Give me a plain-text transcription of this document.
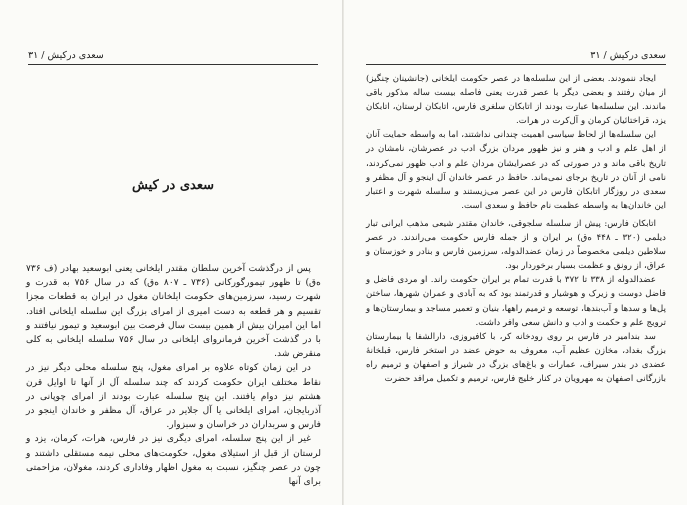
سعدی درکیش / ۳۱
سعدی در کیش

پس از درگذشت آخرین سلطان مقتدر ایلخانی یعنی ابوسعید بهادر (ف ۷۳۶ ه‌ق) تا ظهور تیمورگورکانی (۷۳۶ ـ ۸۰۷ ه‌ق) که در سال ۷۵۶ به قدرت و شهرت رسید، سرزمین‌های حکومت ایلخانان مغول در ایران به قطعات مجزا تقسیم و هر قطعه به دست امیری از امرای بزرگ این سلسله ایلخانی افتاد. اما این امیران بیش از همین بیست سال فرصت بین ابوسعید و تیمور نیافتند و با در گذشت آخرین فرمانروای ایلخانی در سال ۷۵۶ سلسله ایلخانی به کلی منقرض شد.

در این زمان کوتاه علاوه بر امرای مغول، پنج سلسله محلی دیگر نیز در نقاط مختلف ایران حکومت کردند که چند سلسله آل از آنها تا اوایل قرن هشتم نیز دوام یافتند. این پنج سلسله عبارت بودند از امرای چوپانی در آذربایجان، امرای ایلخانی یا آل جلایر در عراق، آل مظفر و خاندان اینجو در فارس و سربداران در خراسان و سبزوار.

غیر از این پنج سلسله، امرای دیگری نیز در فارس، هرات، کرمان، یزد و لرستان از قبل از استیلای مغول، حکومت‌های محلی نیمه مستقلی داشتند و چون در عصر چنگیز، نسبت به مغول اظهار وفاداری کردند، مغولان، مزاحمتی برای آنها

سعدی درکیش / ۳۱

ایجاد ننمودند. بعضی از این سلسله‌ها در عصر حکومت ایلخانی (جانشینان چنگیز) از میان رفتند و بعضی دیگر با عصر قدرت یعنی فاصله بیست ساله مذکور باقی ماندند. این سلسله‌ها عبارت بودند از اتابکان سلغری فارس، اتابکان لرستان، اتابکان یزد، قراختائیان کرمان و آل‌کرت در هرات.

این سلسله‌ها از لحاظ سیاسی اهمیت چندانی نداشتند، اما به واسطه حمایت آنان از اهل علم و ادب و هنر و نیز ظهور مردان بزرگ ادب در عصرشان، نامشان در تاریخ باقی ماند و در صورتی که در عصرایشان مردان علم و ادب ظهور نمی‌کردند، نامی از آنان در تاریخ برجای نمی‌ماند. حافظ در عصر خاندان آل اینجو و آل مظفر و سعدی در روزگار اتابکان فارس در این عصر می‌زیستند و سلسله شهرت و اعتبار این خاندان‌ها به واسطه عظمت نام حافظ و سعدی است.

اتابکان فارس: پیش از سلسله سلجوقی، خاندان مقتدر شیعی مذهب ایرانی تبار دیلمی (۳۲۰ ـ ۴۴۸ ه‌ق) بر ایران و از جمله فارس حکومت می‌راندند. در عصر سلاطین دیلمی مخصوصاً در زمان عضدالدوله، سرزمین فارس و بنادر و خوزستان و عراق، از رونق و عظمت بسیار برخوردار بود.

عضدالدوله از ۳۳۸ تا ۳۷۲ با قدرت تمام بر ایران حکومت راند. او مردی فاضل و فاضل دوست و زیرک و هوشیار و قدرتمند بود که به آبادی و عمران شهرها، ساختن پل‌ها و سدها و آب‌بندها، توسعه و ترمیم راهها، بنیان و تعمیر مساجد و بیمارستان‌ها و ترویج علم و حکمت و ادب و دانش سعی وافر داشت.

سد بندامیر در فارس بر روی رودخانه کر، با کافیروزی، دارالشفا یا بیمارستان بزرگ بغداد، مخازن عظیم آب، معروف به حوض عضد در استخر فارس، قبلخانهٔ عضدی در بندر سیراف، عمارات و باغ‌های بزرگ در شیراز و اصفهان و ترمیم راه بازرگانی اصفهان به مهرویان در کنار خلیج فارس، ترمیم و تکمیل مرافد حضرت
